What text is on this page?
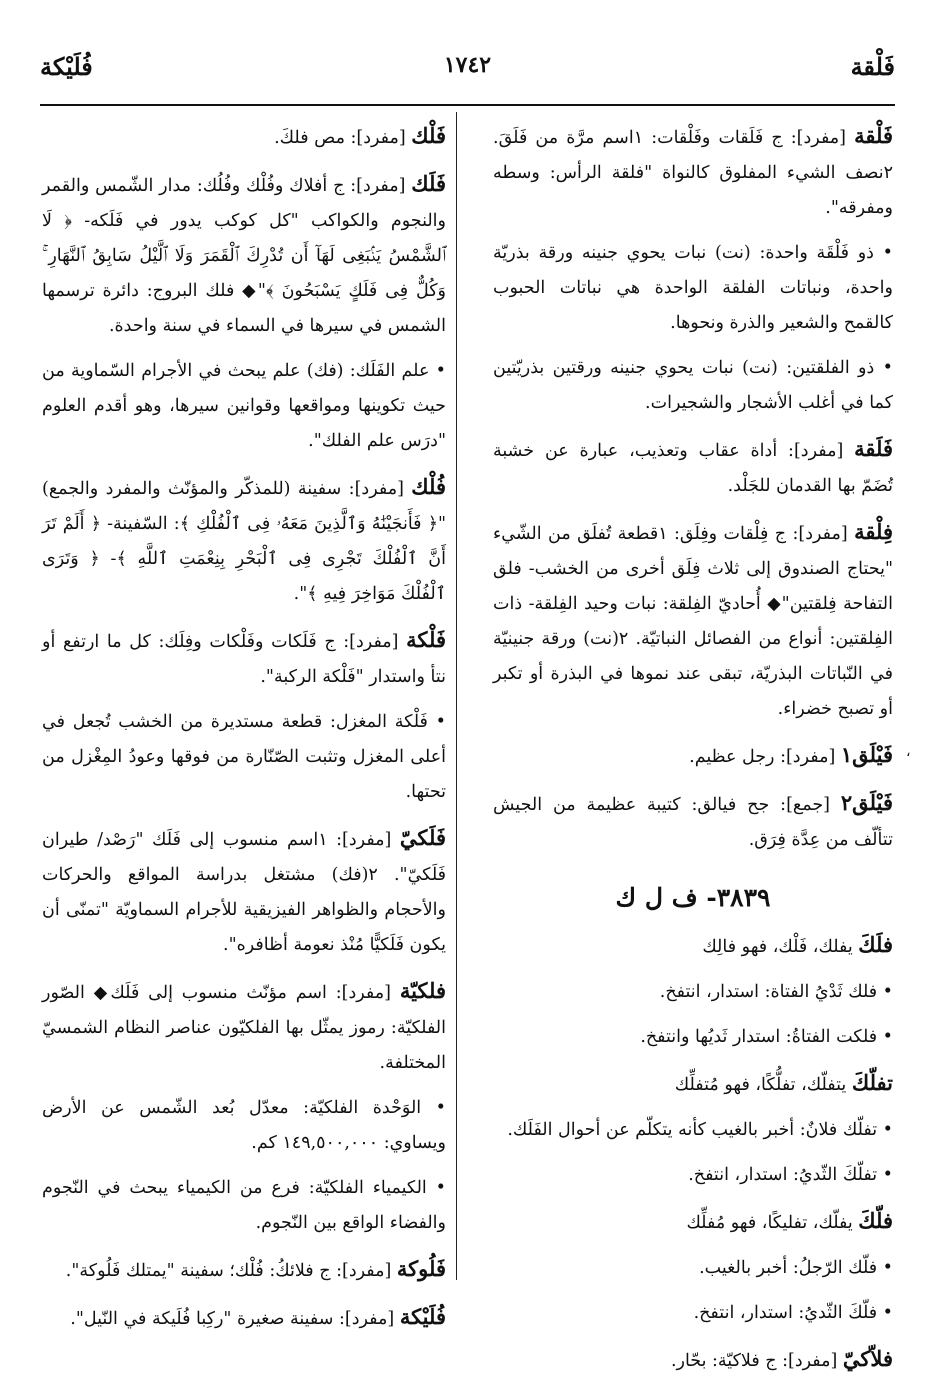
فَلْقة
١٧٤٢
فُلَيْكة
فَلْقة [مفرد]: ج فَلَقات وفَلْقات: ١اسم مرَّة من فَلَقَ. ٢نصف الشيء المفلوق كالنواة "فلقة الرأس: وسطه ومفرقه".
• ذو فَلْقَة واحدة: (نت) نبات يحوي جنينه ورقة بذريّة واحدة، ونباتات الفلقة الواحدة هي نباتات الحبوب كالقمح والشعير والذرة ونحوها.
• ذو الفلقتين: (نت) نبات يحوي جنينه ورقتين بذريّتين كما في أغلب الأشجار والشجيرات.
فَلَقة [مفرد]: أداة عقاب وتعذيب، عبارة عن خشبة تُضَمّ بها القدمان للجَلْد.
فِلْقة [مفرد]: ج فِلْقات وفِلَق: ١قطعة تُفلَق من الشّيء "يحتاج الصندوق إلى ثلاث فِلَق أخرى من الخشب- فلق التفاحة فِلقتين"◆ أُحاديّ الفِلقة: نبات وحيد الفِلقة- ذات الفِلقتين: أنواع من الفصائل النباتيّة. ٢(نت) ورقة جنينيّة في النّباتات البذريّة، تبقى عند نموها في البذرة أو تكبر أو تصبح خضراء.
فَيْلَق١ [مفرد]: رجل عظيم.
فَيْلَق٢ [جمع]: جح فيالق: كتيبة عظيمة من الجيش تتألّف من عِدَّة فِرَق.
٣٨٣٩- ف ل ك
فلَكَ يفلك، فَلْك، فهو فالِك
• فلك ثَدْيُ الفتاة: استدار، انتفخ.
• فلكت الفتاةُ: استدار ثَديُها وانتفخ.
تفلّكَ يتفلّك، تفلُّكًا، فهو مُتفلِّك
• تفلّك فلانٌ: أخبر بالغيب كأنه يتكلّم عن أحوال الفَلَك.
• تفلّكَ الثّديُ: استدار، انتفخ.
فلّكَ يفلّك، تفليكًا، فهو مُفلِّك
• فلّك الرّجلُ: أخبر بالغيب.
• فلّكَ الثّديُ: استدار، انتفخ.
فلاّكيّ [مفرد]: ج فلاكيّة: بحّار.
فَلْك [مفرد]: مص فلكَ.
فَلَك [مفرد]: ج أفلاك وفُلْك وفُلُك: مدار الشّمس والقمر والنجوم والكواكب "كل كوكب يدور في فَلَكه- ﴿ لَا ٱلشَّمْسُ يَنۢبَغِى لَهَآ أَن تُدْرِكَ ٱلْقَمَرَ وَلَا ٱلَّيْلُ سَابِقُ ٱلنَّهَارِ ۚ وَكُلٌّ فِى فَلَكٍ يَسْبَحُونَ ﴾"◆ فلك البروج: دائرة ترسمها الشمس في سيرها في السماء في سنة واحدة.
• علم الفَلَك: (فك) علم يبحث في الأجرام السّماوية من حيث تكوينها ومواقعها وقوانين سيرها، وهو أقدم العلوم "درَس علم الفلك".
فُلْك [مفرد]: سفينة (للمذكّر والمؤنّث والمفرد والجمع) "﴿ فَأَنجَيْنَٰهُ وَٱلَّذِينَ مَعَهُۥ فِى ٱلْفُلْكِ ﴾: السّفينة- ﴿ أَلَمْ تَرَ أَنَّ ٱلْفُلْكَ تَجْرِى فِى ٱلْبَحْرِ بِنِعْمَتِ ٱللَّهِ ﴾- ﴿ وَتَرَى ٱلْفُلْكَ مَوَاخِرَ فِيهِ ﴾".
فَلْكة [مفرد]: ج فَلَكات وفَلْكات وفِلَك: كل ما ارتفع أو نتأ واستدار "فَلْكة الركبة".
• فَلْكة المغزل: قطعة مستديرة من الخشب تُجعل في أعلى المغزل وتثبت الصّنّارة من فوقها وعودُ المِغْزل من تحتها.
فَلَكيّ [مفرد]: ١اسم منسوب إلى فَلَك "رَصْد/ طيران فَلَكيّ". ٢(فك) مشتغل بدراسة المواقع والحركات والأحجام والظواهر الفيزيقية للأجرام السماويّة "تمنّى أن يكون فَلَكيًّا مُنْذ نعومة أظافره".
فلكيّة [مفرد]: اسم مؤنّث منسوب إلى فَلَك◆ الصّور الفلكيّة: رموز يمثّل بها الفلكيّون عناصر النظام الشمسيّ المختلفة.
• الوَحْدة الفلكيّة: معدّل بُعد الشّمس عن الأرض ويساوي: ١٤٩,٥٠٠,٠٠٠ كم.
• الكيمياء الفلكيّة: فرع من الكيمياء يبحث في النّجوم والفضاء الواقع بين النّجوم.
فَلُوكة [مفرد]: ج فلائكُ: فُلْك؛ سفينة "يمتلك فَلُوكة".
فُلَيْكة [مفرد]: سفينة صغيرة "ركِبا فُلَيكة في النّيل".
،
